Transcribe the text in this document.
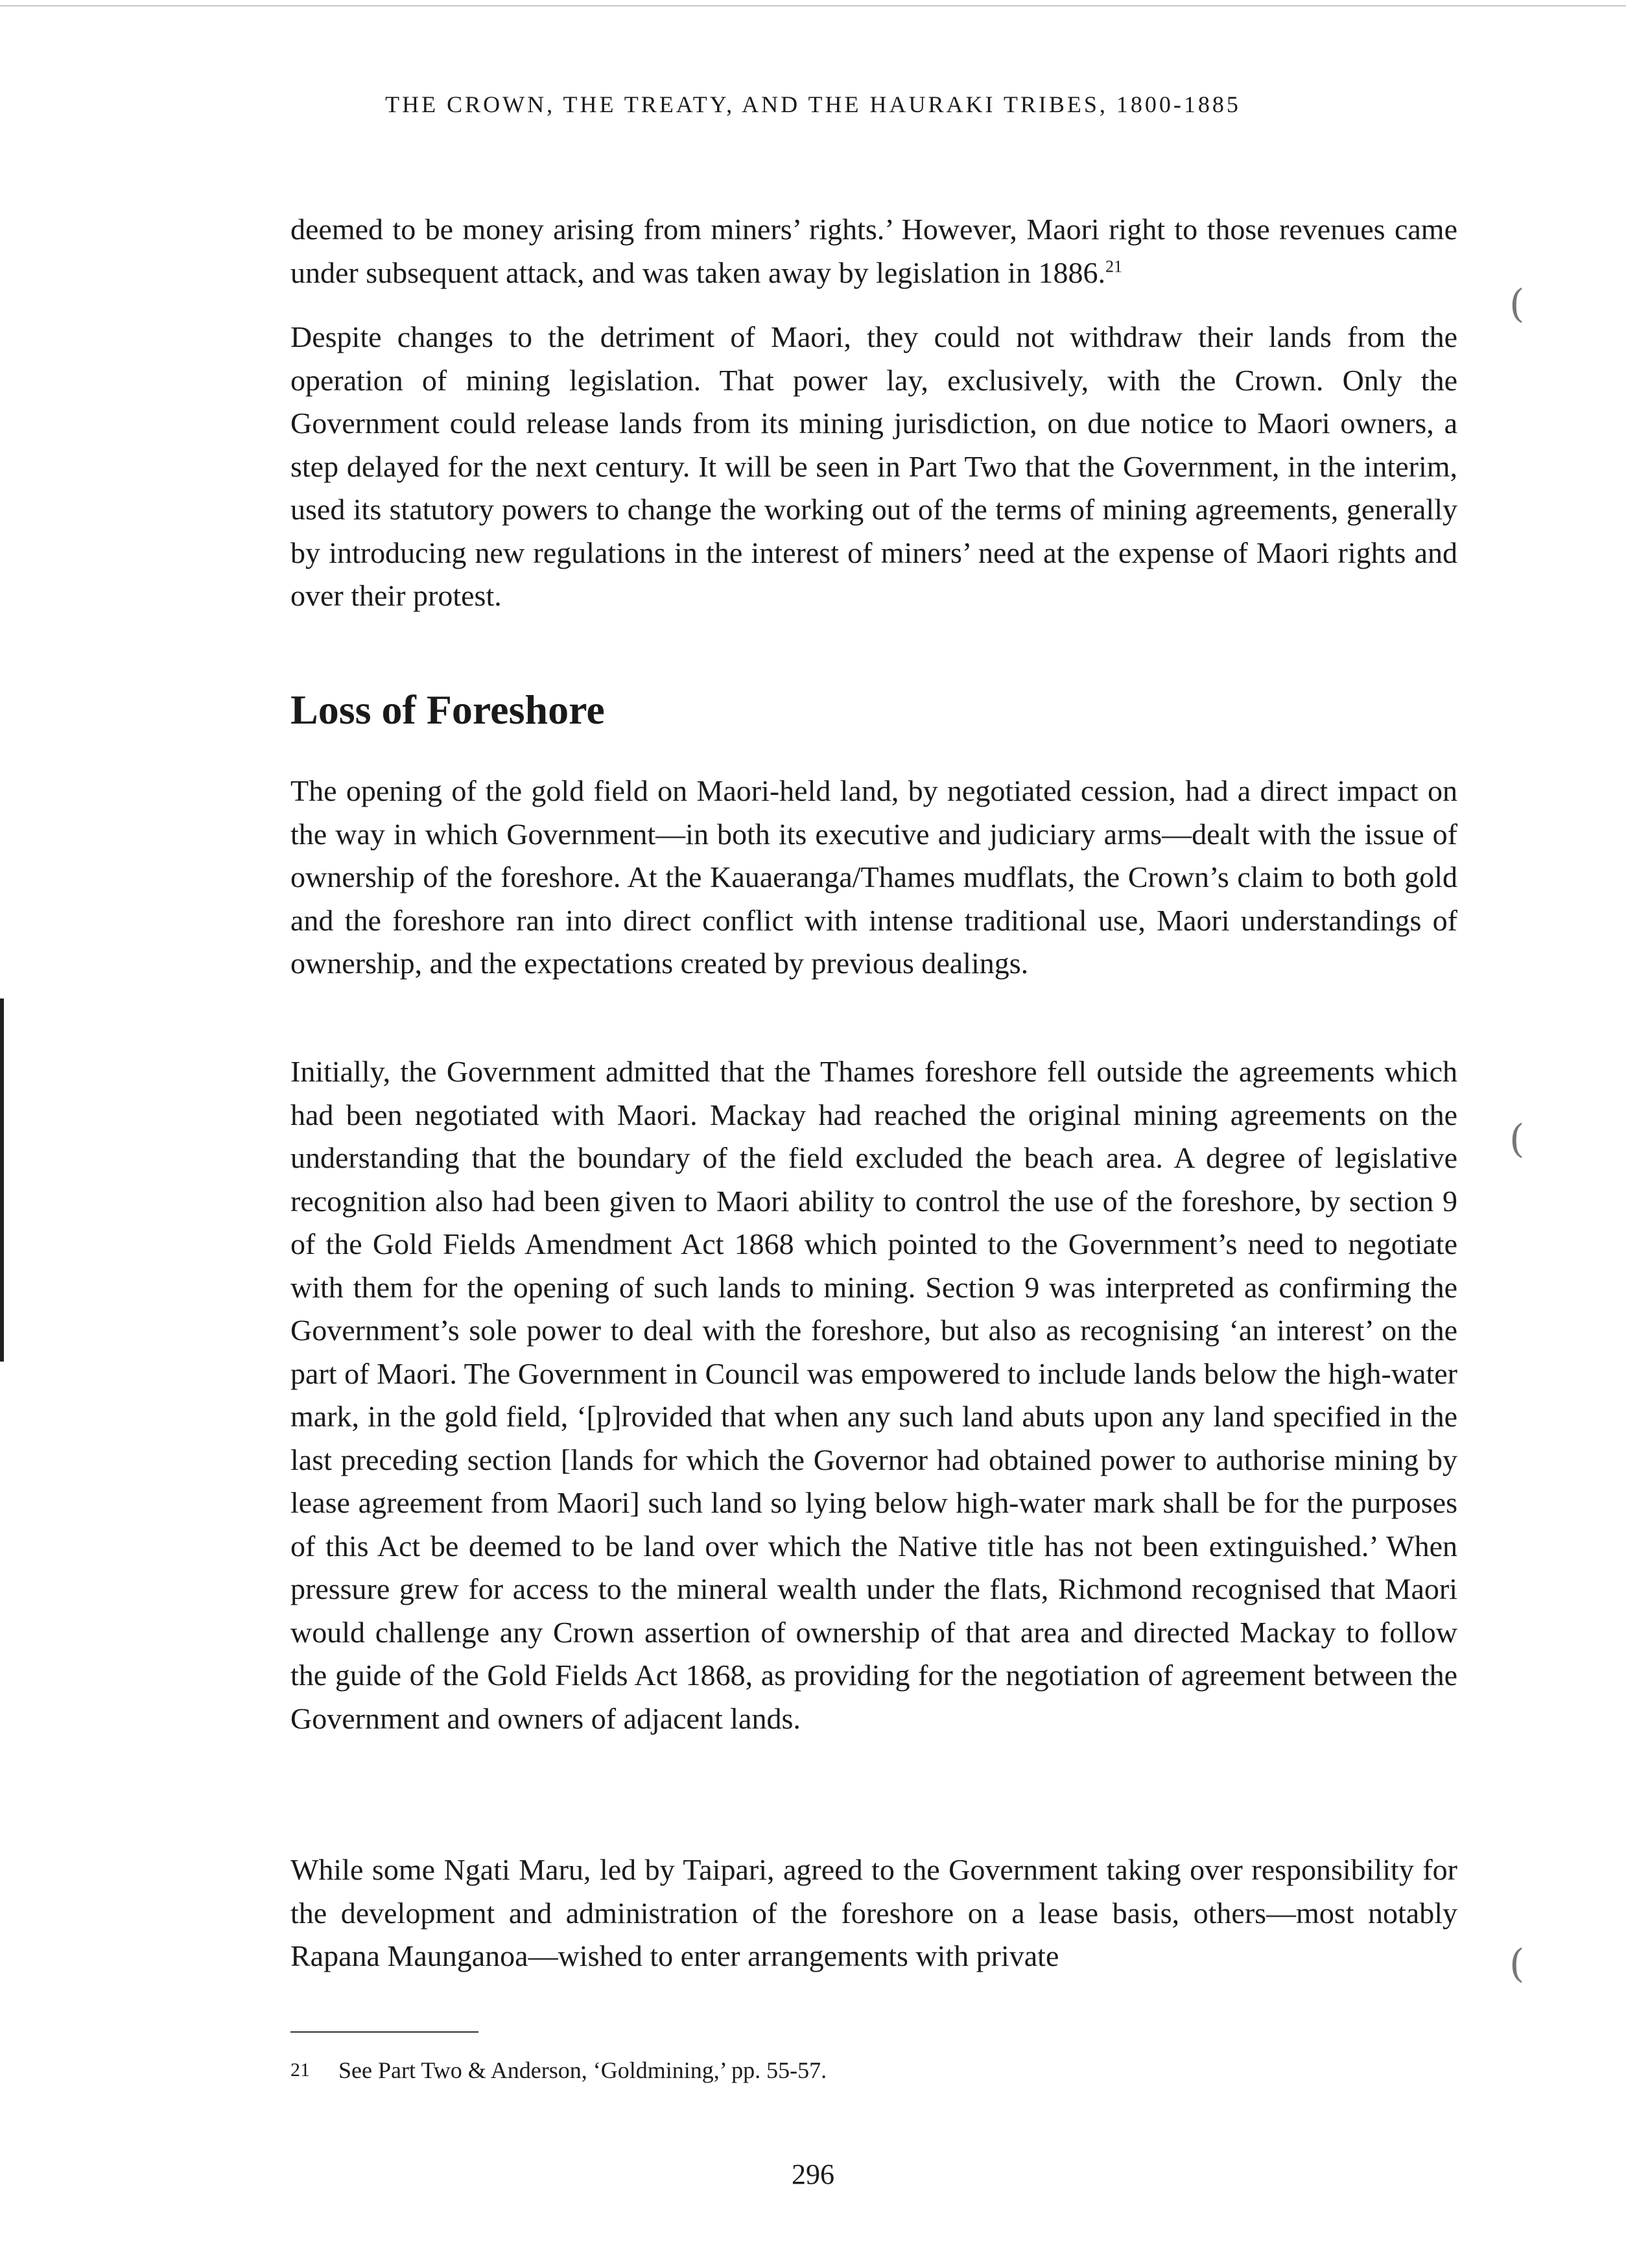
THE CROWN, THE TREATY, AND THE HAURAKI TRIBES, 1800-1885

deemed to be money arising from miners’ rights.’ However, Maori right to those revenues came under subsequent attack, and was taken away by legislation in 1886.21

Despite changes to the detriment of Maori, they could not withdraw their lands from the operation of mining legislation. That power lay, exclusively, with the Crown. Only the Government could release lands from its mining jurisdiction, on due notice to Maori owners, a step delayed for the next century. It will be seen in Part Two that the Government, in the interim, used its statutory powers to change the working out of the terms of mining agreements, generally by introducing new regulations in the interest of miners’ need at the expense of Maori rights and over their protest.

Loss of Foreshore

The opening of the gold field on Maori-held land, by negotiated cession, had a direct impact on the way in which Government—in both its executive and judiciary arms—dealt with the issue of ownership of the foreshore. At the Kauaeranga/Thames mudflats, the Crown’s claim to both gold and the foreshore ran into direct conflict with intense traditional use, Maori understandings of ownership, and the expectations created by previous dealings.

Initially, the Government admitted that the Thames foreshore fell outside the agreements which had been negotiated with Maori. Mackay had reached the original mining agreements on the understanding that the boundary of the field excluded the beach area. A degree of legislative recognition also had been given to Maori ability to control the use of the foreshore, by section 9 of the Gold Fields Amendment Act 1868 which pointed to the Government’s need to negotiate with them for the opening of such lands to mining. Section 9 was interpreted as confirming the Government’s sole power to deal with the foreshore, but also as recognising ‘an interest’ on the part of Maori. The Government in Council was empowered to include lands below the high-water mark, in the gold field, ‘[p]rovided that when any such land abuts upon any land specified in the last preceding section [lands for which the Governor had obtained power to authorise mining by lease agreement from Maori] such land so lying below high-water mark shall be for the purposes of this Act be deemed to be land over which the Native title has not been extinguished.’ When pressure grew for access to the mineral wealth under the flats, Richmond recognised that Maori would challenge any Crown assertion of ownership of that area and directed Mackay to follow the guide of the Gold Fields Act 1868, as providing for the negotiation of agreement between the Government and owners of adjacent lands.

While some Ngati Maru, led by Taipari, agreed to the Government taking over responsibility for the development and administration of the foreshore on a lease basis, others—most notably Rapana Maunganoa—wished to enter arrangements with private

(
(
(
21 See Part Two & Anderson, ‘Goldmining,’ pp. 55-57.
296
